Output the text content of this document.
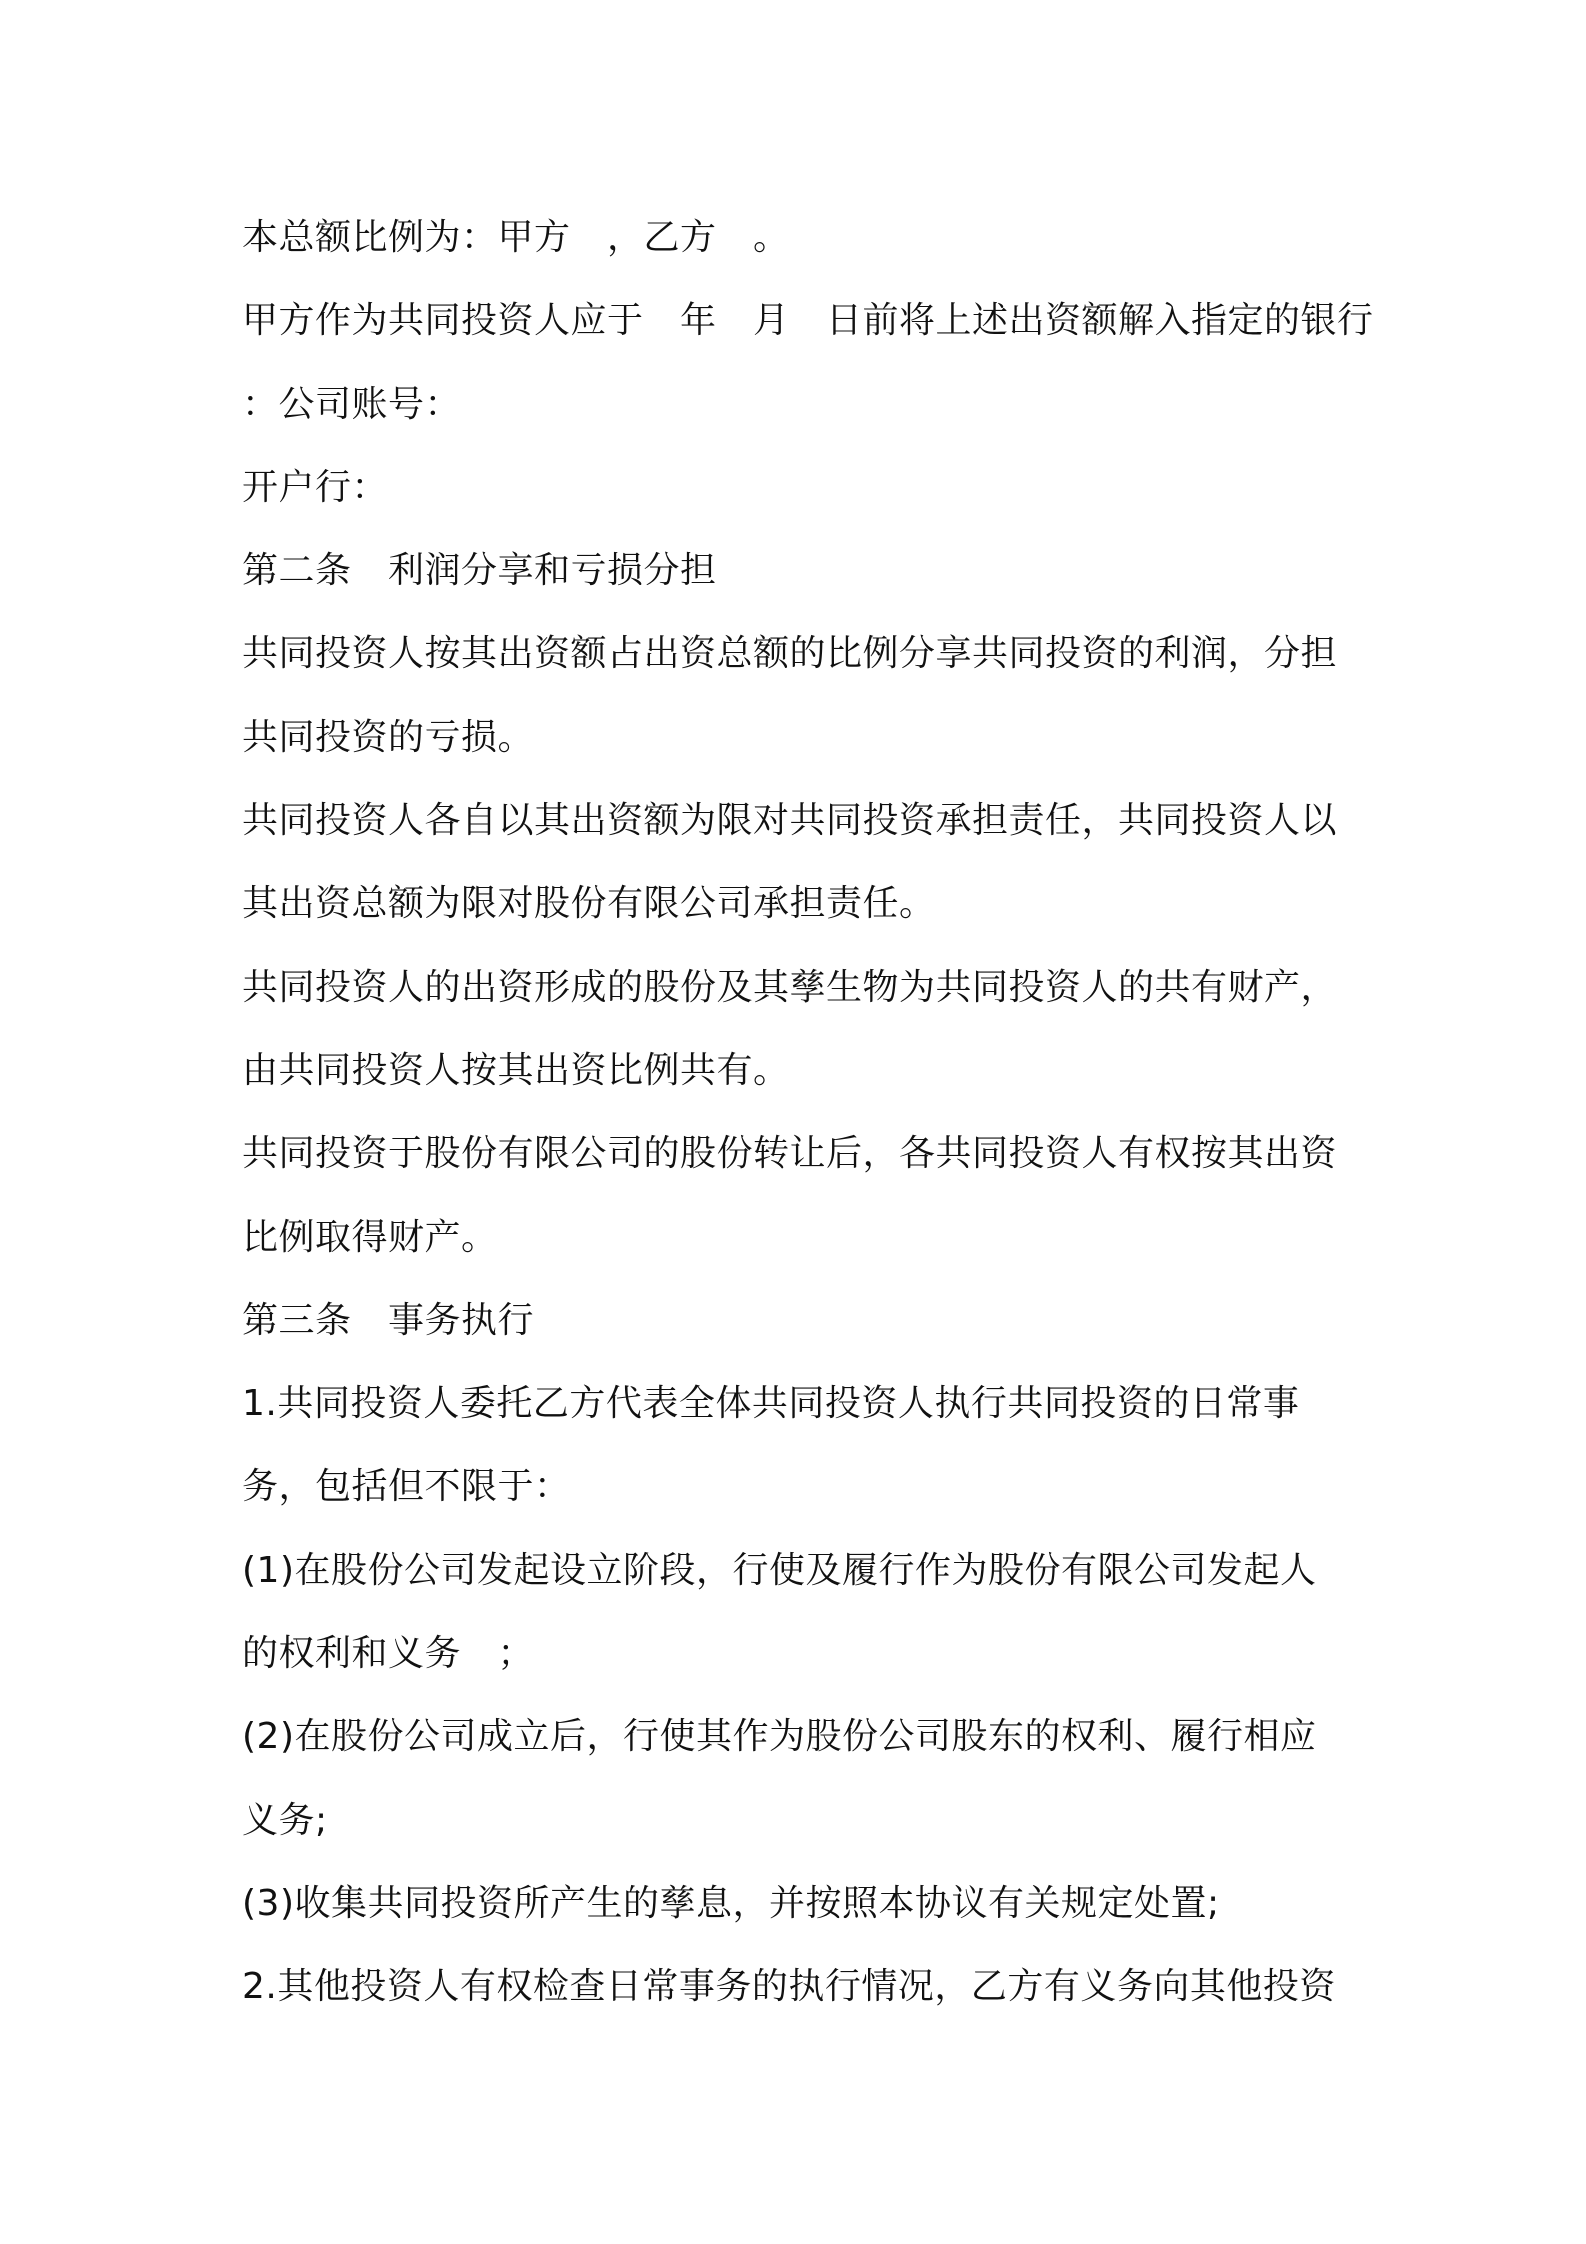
本总额比例为：甲方　，乙方　。
甲方作为共同投资人应于　年　月　日前将上述出资额解入指定的银行
：公司账号：
开户行：
第二条　利润分享和亏损分担
共同投资人按其出资额占出资总额的比例分享共同投资的利润，分担
共同投资的亏损。
共同投资人各自以其出资额为限对共同投资承担责任，共同投资人以
其出资总额为限对股份有限公司承担责任。
共同投资人的出资形成的股份及其孳生物为共同投资人的共有财产，
由共同投资人按其出资比例共有。
共同投资于股份有限公司的股份转让后，各共同投资人有权按其出资
比例取得财产。
第三条　事务执行
1.共同投资人委托乙方代表全体共同投资人执行共同投资的日常事
务，包括但不限于：
(1)在股份公司发起设立阶段，行使及履行作为股份有限公司发起人
的权利和义务　；
(2)在股份公司成立后，行使其作为股份公司股东的权利、履行相应
义务;
(3)收集共同投资所产生的孳息，并按照本协议有关规定处置;
2.其他投资人有权检查日常事务的执行情况，乙方有义务向其他投资
